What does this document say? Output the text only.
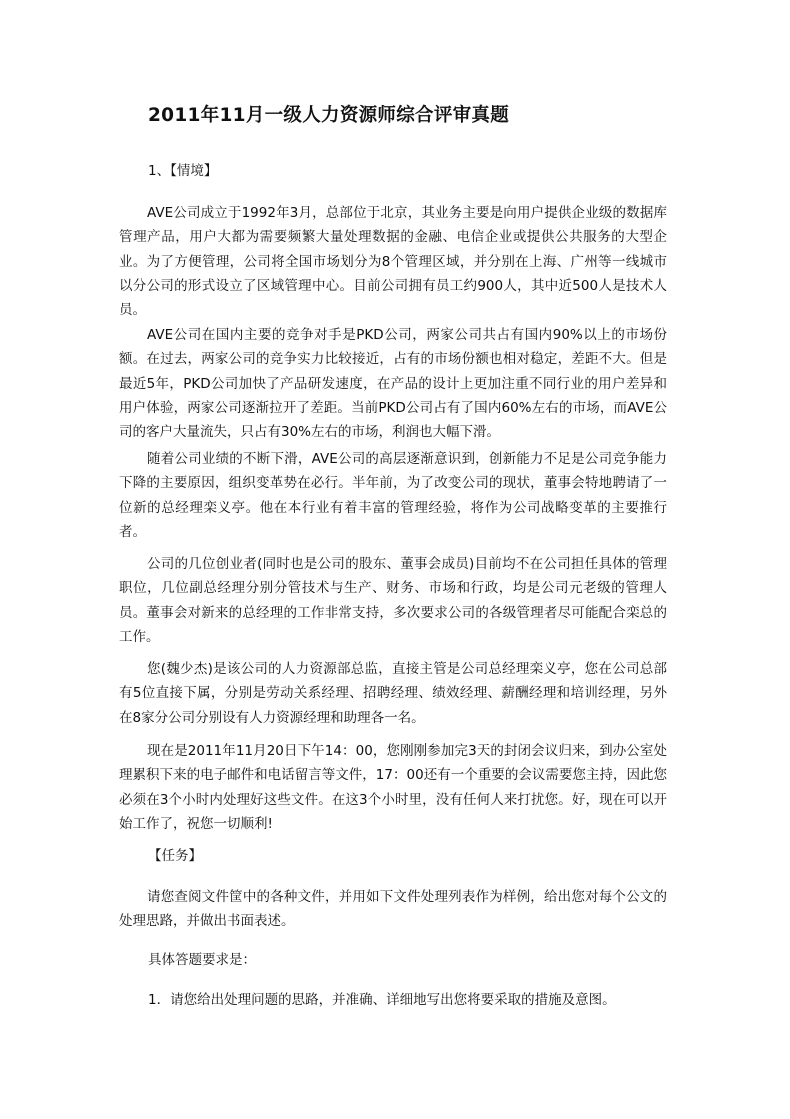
2011年11月一级人力资源师综合评审真题
1、【情境】

AVE公司成立于1992年3月，总部位于北京，其业务主要是向用户提供企业级的数据库管理产品，用户大都为需要频繁大量处理数据的金融、电信企业或提供公共服务的大型企业。为了方便管理，公司将全国市场划分为8个管理区域，并分别在上海、广州等一线城市以分公司的形式设立了区域管理中心。目前公司拥有员工约900人，其中近500人是技术人员。

AVE公司在国内主要的竞争对手是PKD公司，两家公司共占有国内90%以上的市场份额。在过去，两家公司的竞争实力比较接近，占有的市场份额也相对稳定，差距不大。但是最近5年，PKD公司加快了产品研发速度，在产品的设计上更加注重不同行业的用户差异和用户体验，两家公司逐渐拉开了差距。当前PKD公司占有了国内60%左右的市场，而AVE公司的客户大量流失，只占有30%左右的市场，利润也大幅下滑。

随着公司业绩的不断下滑，AVE公司的高层逐渐意识到，创新能力不足是公司竞争能力下降的主要原因，组织变革势在必行。半年前，为了改变公司的现状，董事会特地聘请了一位新的总经理栾义亭。他在本行业有着丰富的管理经验，将作为公司战略变革的主要推行者。

公司的几位创业者(同时也是公司的股东、董事会成员)目前均不在公司担任具体的管理职位，几位副总经理分别分管技术与生产、财务、市场和行政，均是公司元老级的管理人员。董事会对新来的总经理的工作非常支持，多次要求公司的各级管理者尽可能配合栾总的工作。

您(魏少杰)是该公司的人力资源部总监，直接主管是公司总经理栾义亭，您在公司总部有5位直接下属，分别是劳动关系经理、招聘经理、绩效经理、薪酬经理和培训经理，另外在8家分公司分别设有人力资源经理和助理各一名。

现在是2011年11月20日下午14：00，您刚刚参加完3天的封闭会议归来，到办公室处理累积下来的电子邮件和电话留言等文件，17：00还有一个重要的会议需要您主持，因此您必须在3个小时内处理好这些文件。在这3个小时里，没有任何人来打扰您。好，现在可以开始工作了，祝您一切顺利!

【任务】

请您查阅文件筐中的各种文件，并用如下文件处理列表作为样例，给出您对每个公文的处理思路，并做出书面表述。

具体答题要求是：
1．请您给出处理问题的思路，并准确、详细地写出您将要采取的措施及意图。
